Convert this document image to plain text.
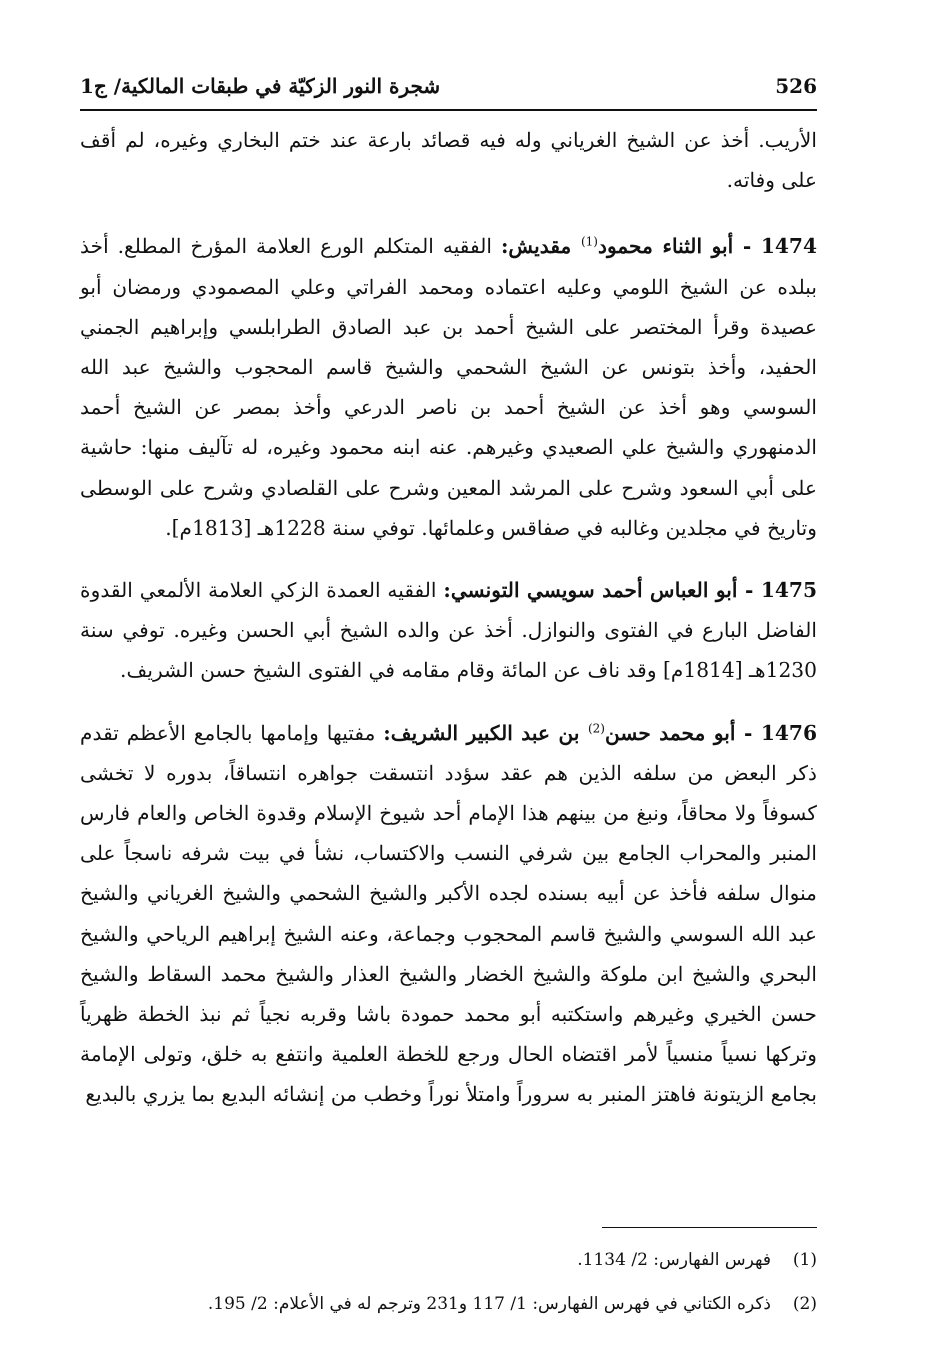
526
شجرة النور الزكيّة في طبقات المالكية/ ج1

الأريب. أخذ عن الشيخ الغرياني وله فيه قصائد بارعة عند ختم البخاري وغيره، لم أقف على وفاته.

1474 - أبو الثناء محمود$^{(1)}$ مقديش: الفقيه المتكلم الورع العلامة المؤرخ المطلع. أخذ ببلده عن الشيخ اللومي وعليه اعتماده ومحمد الفراتي وعلي المصمودي ورمضان أبو عصيدة وقرأ المختصر على الشيخ أحمد بن عبد الصادق الطرابلسي وإبراهيم الجمني الحفيد، وأخذ بتونس عن الشيخ الشحمي والشيخ قاسم المحجوب والشيخ عبد الله السوسي وهو أخذ عن الشيخ أحمد بن ناصر الدرعي وأخذ بمصر عن الشيخ أحمد الدمنهوري والشيخ علي الصعيدي وغيرهم. عنه ابنه محمود وغيره، له تآليف منها: حاشية على أبي السعود وشرح على المرشد المعين وشرح على القلصادي وشرح على الوسطى وتاريخ في مجلدين وغالبه في صفاقس وعلمائها. توفي سنة 1228هـ [1813م].

1475 - أبو العباس أحمد سويسي التونسي: الفقيه العمدة الزكي العلامة الألمعي القدوة الفاضل البارع في الفتوى والنوازل. أخذ عن والده الشيخ أبي الحسن وغيره. توفي سنة 1230هـ [1814م] وقد ناف عن المائة وقام مقامه في الفتوى الشيخ حسن الشريف.

1476 - أبو محمد حسن$^{(2)}$ بن عبد الكبير الشريف: مفتيها وإمامها بالجامع الأعظم تقدم ذكر البعض من سلفه الذين هم عقد سؤدد انتسقت جواهره انتساقاً، بدوره لا تخشى كسوفاً ولا محاقاً، ونبغ من بينهم هذا الإمام أحد شيوخ الإسلام وقدوة الخاص والعام فارس المنبر والمحراب الجامع بين شرفي النسب والاكتساب، نشأ في بيت شرفه ناسجاً على منوال سلفه فأخذ عن أبيه بسنده لجده الأكبر والشيخ الشحمي والشيخ الغرياني والشيخ عبد الله السوسي والشيخ قاسم المحجوب وجماعة، وعنه الشيخ إبراهيم الرياحي والشيخ البحري والشيخ ابن ملوكة والشيخ الخضار والشيخ العذار والشيخ محمد السقاط والشيخ حسن الخيري وغيرهم واستكتبه أبو محمد حمودة باشا وقربه نجياً ثم نبذ الخطة ظهرياً وتركها نسياً منسياً لأمر اقتضاه الحال ورجع للخطة العلمية وانتفع به خلق، وتولى الإمامة بجامع الزيتونة فاهتز المنبر به سروراً وامتلأ نوراً وخطب من إنشائه البديع بما يزري بالبديع

(1)
فهرس الفهارس: 2/ 1134.
(2)
ذكره الكتاني في فهرس الفهارس: 1/ 117 و231 وترجم له في الأعلام: 2/ 195.
